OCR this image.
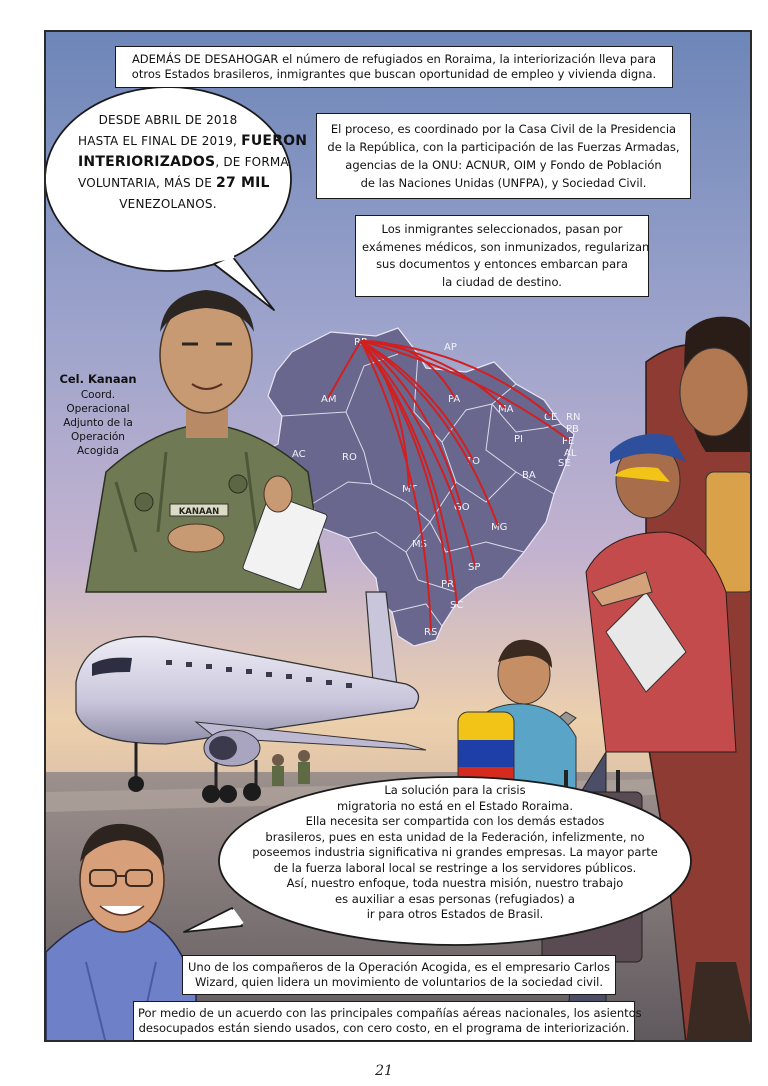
RR	AP
AM	PA
MA
CE RN
PB
PE
AL
SE
PI
AC	RO	TO
BA
MT
GO
MG
MS
SP
PR
SC
RS
KANAAN
DESDE ABRIL DE 2018
HASTA EL FINAL DE 2019, FUERON
INTERIORIZADOS, DE FORMA
VOLUNTARIA, MÁS DE 27 MIL
VENEZOLANOS.
La solución para la crisis
migratoria no está en el Estado Roraima.
Ella necesita ser compartida con los demás estados
brasileros, pues en esta unidad de la Federación, infelizmente, no
poseemos industria significativa ni grandes empresas. La mayor parte
de la fuerza laboral local se restringe a los servidores públicos.
Así, nuestro enfoque, toda nuestra misión, nuestro trabajo
es auxiliar a esas personas (refugiados) a
ir para otros Estados de Brasil.
ADEMÁS DE DESAHOGAR el número de refugiados en Roraima, la interiorización lleva para
otros Estados brasileros, inmigrantes que buscan oportunidad de empleo y vivienda digna.
El proceso, es coordinado por la Casa Civil de la Presidencia
de la República, con la participación de las Fuerzas Armadas,
agencias de la ONU: ACNUR, OIM y Fondo de Población
de las Naciones Unidas (UNFPA), y Sociedad Civil.
Los inmigrantes seleccionados, pasan por
exámenes médicos, son inmunizados, regularizan
sus documentos y entonces embarcan para
la ciudad de destino.
Uno de los compañeros de la Operación Acogida, es el empresario Carlos
Wizard, quien lidera un movimiento de voluntarios de la sociedad civil.
Por medio de un acuerdo con las principales compañías aéreas nacionales, los asientos
desocupados están siendo usados, con cero costo, en el programa de interiorización.
Cel. Kanaan
Coord. Operacional
Adjunto de la
Operación Acogida
21
